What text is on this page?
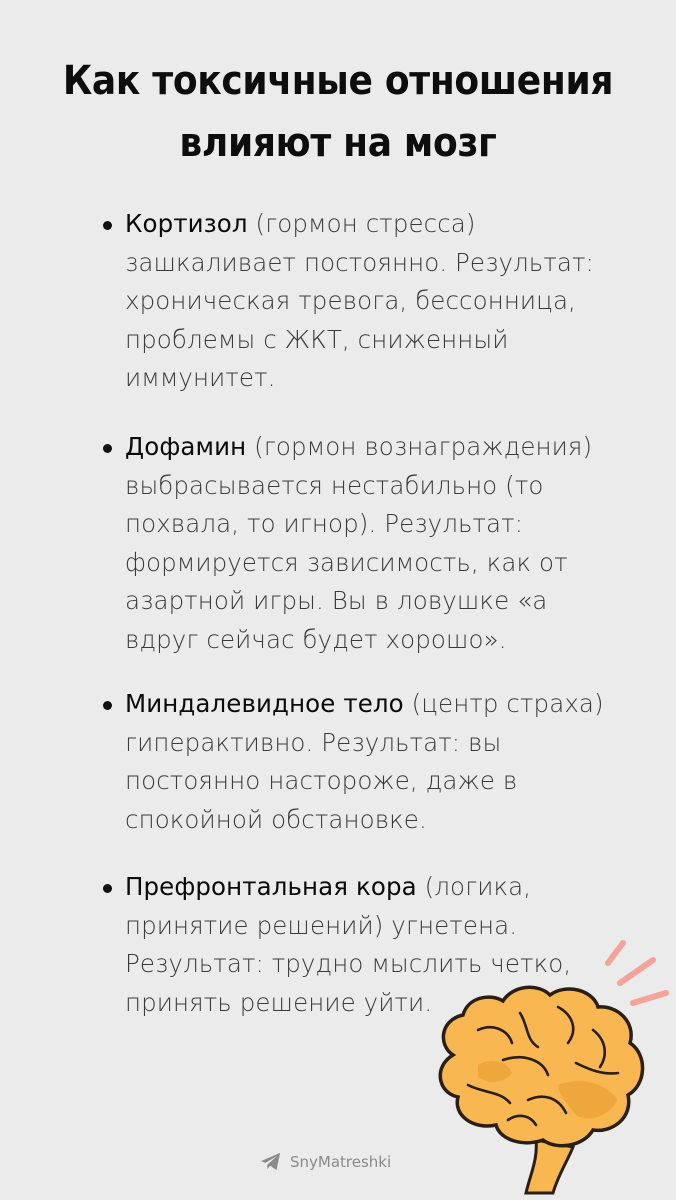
Как токсичные отношения
влияют на мозг
Кортизол (гормон стресса) зашкаливает постоянно. Результат: хроническая тревога, бессонница, проблемы с ЖКТ, сниженный иммунитет.
Дофамин (гормон вознаграждения) выбрасывается нестабильно (то похвала, то игнор). Результат: формируется зависимость, как от азартной игры. Вы в ловушке «а вдруг сейчас будет хорошо».
Миндалевидное тело (центр страха) гиперактивно. Результат: вы постоянно настороже, даже в спокойной обстановке.
Префронтальная кора (логика, принятие решений) угнетена. Результат: трудно мыслить четко, принять решение уйти.
SnyMatreshki
